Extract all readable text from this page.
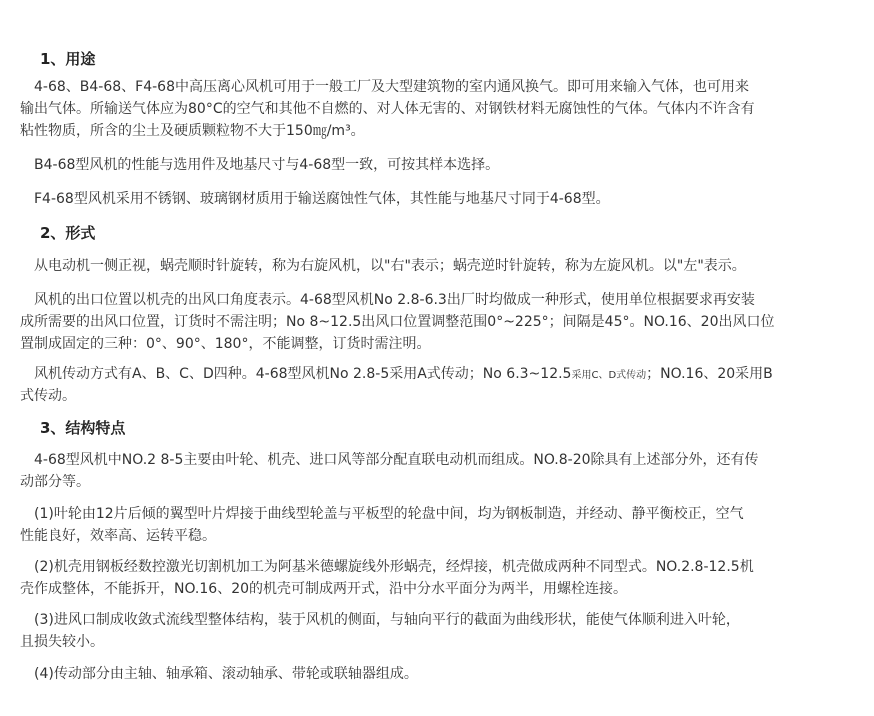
1、用途
　4-68、B4-68、F4-68中高压离心风机可用于一般工厂及大型建筑物的室内通风换气。即可用来输入气体，也可用来
输出气体。所输送气体应为80°C的空气和其他不自燃的、对人体无害的、对钢铁材料无腐蚀性的气体。气体内不许含有
粘性物质，所含的尘土及硬质颗粒物不大于150㎎/m³。
　B4-68型风机的性能与选用件及地基尺寸与4-68型一致，可按其样本选择。
　F4-68型风机采用不锈钢、玻璃钢材质用于输送腐蚀性气体，其性能与地基尺寸同于4-68型。
2、形式
　从电动机一侧正视，蜗壳顺时针旋转，称为右旋风机，以"右"表示；蜗壳逆时针旋转，称为左旋风机。以"左"表示。
　风机的出口位置以机壳的出风口角度表示。4-68型风机No 2.8-6.3出厂时均做成一种形式，使用单位根据要求再安装
成所需要的出风口位置，订货时不需注明；No 8~12.5出风口位置调整范围0°~225°；间隔是45°。NO.16、20出风口位
置制成固定的三种：0°、90°、180°，不能调整，订货时需注明。
　风机传动方式有A、B、C、D四种。4-68型风机No 2.8-5采用A式传动；No 6.3~12.5采用C、D式传动；NO.16、20采用B
式传动。
3、结构特点
　4-68型风机中NO.2 8-5主要由叶轮、机壳、进口风等部分配直联电动机而组成。NO.8-20除具有上述部分外，还有传
动部分等。
　(1)叶轮由12片后倾的翼型叶片焊接于曲线型轮盖与平板型的轮盘中间，均为钢板制造，并经动、静平衡校正，空气
性能良好，效率高、运转平稳。
　(2)机壳用钢板经数控激光切割机加工为阿基米德螺旋线外形蜗壳，经焊接，机壳做成两种不同型式。NO.2.8-12.5机
壳作成整体，不能拆开，NO.16、20的机壳可制成两开式，沿中分水平面分为两半，用螺栓连接。
　(3)进风口制成收敛式流线型整体结构，装于风机的侧面，与轴向平行的截面为曲线形状，能使气体顺利进入叶轮，
且损失较小。
　(4)传动部分由主轴、轴承箱、滚动轴承、带轮或联轴器组成。
